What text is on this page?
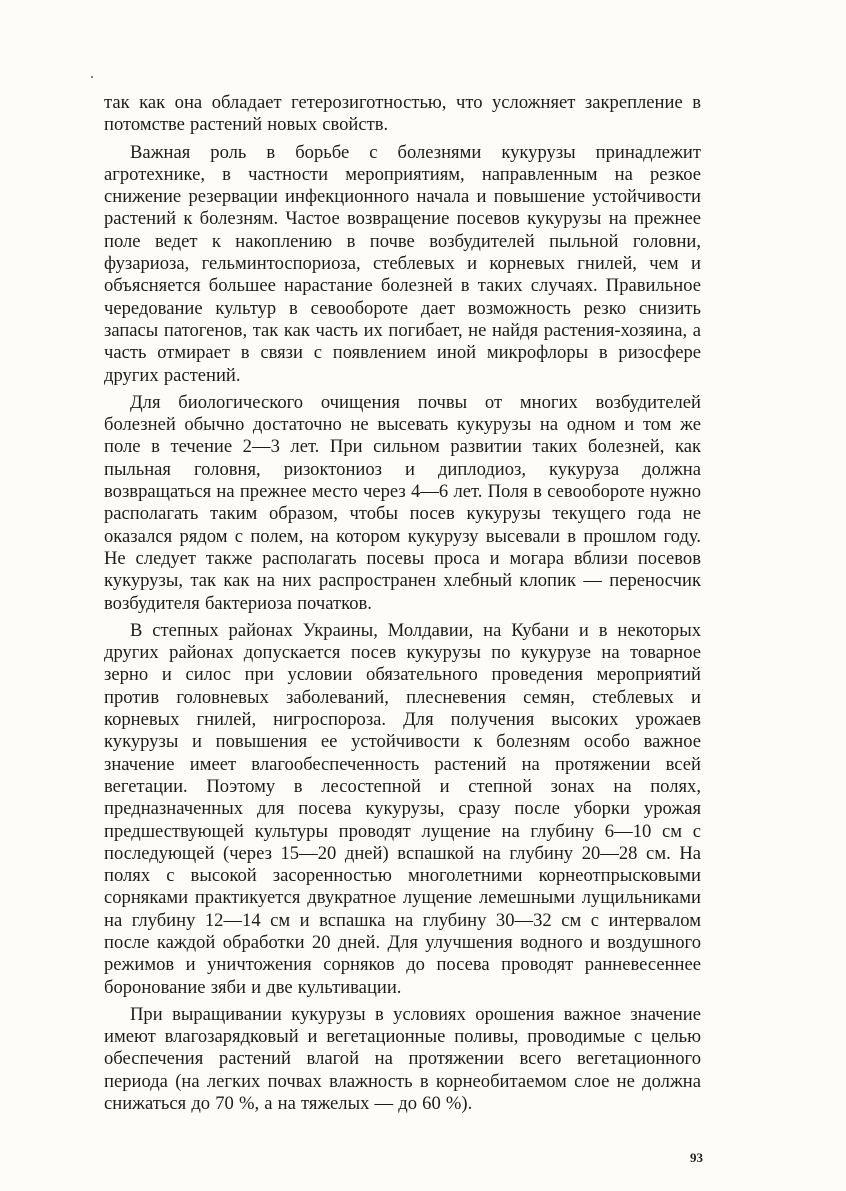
так как она обладает гетерозиготностью, что усложняет закрепление в потомстве растений новых свойств.

Важная роль в борьбе с болезнями кукурузы принадлежит агротехнике, в частности мероприятиям, направленным на резкое снижение резервации инфекционного начала и повышение устойчивости растений к болезням. Частое возвращение посевов кукурузы на прежнее поле ведет к накоплению в почве возбудителей пыльной головни, фузариоза, гельминтоспориоза, стеблевых и корневых гнилей, чем и объясняется большее нарастание болезней в таких случаях. Правильное чередование культур в севообороте дает возможность резко снизить запасы патогенов, так как часть их погибает, не найдя растения-хозяина, а часть отмирает в связи с появлением иной микрофлоры в ризосфере других растений.

Для биологического очищения почвы от многих возбудителей болезней обычно достаточно не высевать кукурузы на одном и том же поле в течение 2—3 лет. При сильном развитии таких болезней, как пыльная головня, ризоктониоз и диплодиоз, кукуруза должна возвращаться на прежнее место через 4—6 лет. Поля в севообороте нужно располагать таким образом, чтобы посев кукурузы текущего года не оказался рядом с полем, на котором кукурузу высевали в прошлом году. Не следует также располагать посевы проса и могара вблизи посевов кукурузы, так как на них распространен хлебный клопик — переносчик возбудителя бактериоза початков.

В степных районах Украины, Молдавии, на Кубани и в некоторых других районах допускается посев кукурузы по кукурузе на товарное зерно и силос при условии обязательного проведения мероприятий против головневых заболеваний, плесневения семян, стеблевых и корневых гнилей, нигроспороза. Для получения высоких урожаев кукурузы и повышения ее устойчивости к болезням особо важное значение имеет влагообеспеченность растений на протяжении всей вегетации. Поэтому в лесостепной и степной зонах на полях, предназначенных для посева кукурузы, сразу после уборки урожая предшествующей культуры проводят лущение на глубину 6—10 см с последующей (через 15—20 дней) вспашкой на глубину 20—28 см. На полях с высокой засоренностью многолетними корнеотпрысковыми сорняками практикуется двукратное лущение лемешными лущильниками на глубину 12—14 см и вспашка на глубину 30—32 см с интервалом после каждой обработки 20 дней. Для улучшения водного и воздушного режимов и уничтожения сорняков до посева проводят ранневесеннее боронование зяби и две культивации.

При выращивании кукурузы в условиях орошения важное значение имеют влагозарядковый и вегетационные поливы, проводимые с целью обеспечения растений влагой на протяжении всего вегетационного периода (на легких почвах влажность в корнеобитаемом слое не должна снижаться до 70 %, а на тяжелых — до 60 %).

93
